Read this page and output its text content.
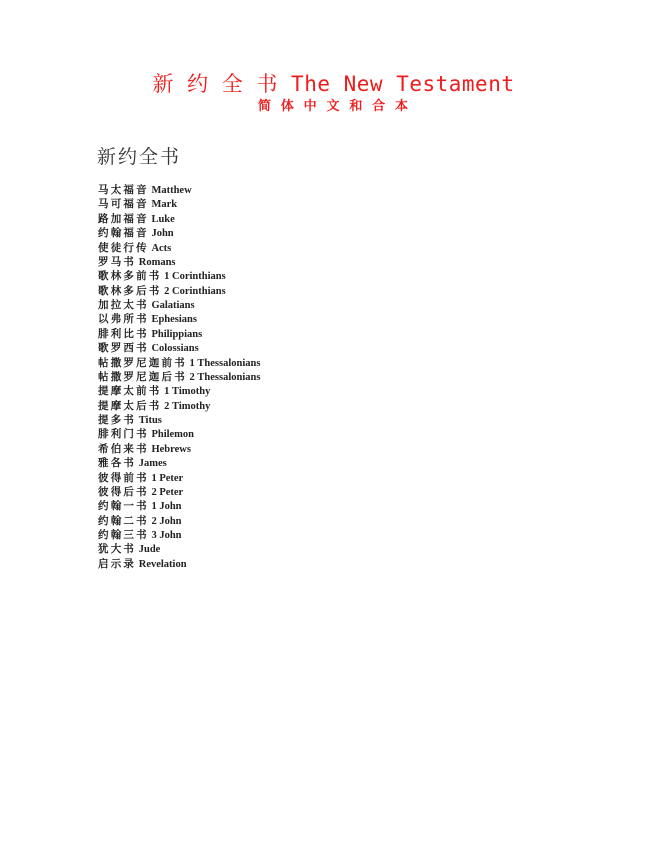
新 约 全 书 The New Testament
简 体 中 文 和 合 本
新约全书
马太福音 Matthew
马可福音 Mark
路加福音 Luke
约翰福音 John
使徒行传 Acts
罗马书 Romans
歌林多前书 1 Corinthians
歌林多后书 2 Corinthians
加拉太书 Galatians
以弗所书 Ephesians
腓利比书 Philippians
歌罗西书 Colossians
帖撒罗尼迦前书 1 Thessalonians
帖撒罗尼迦后书 2 Thessalonians
提摩太前书 1 Timothy
提摩太后书 2 Timothy
提多书 Titus
腓利门书 Philemon
希伯来书 Hebrews
雅各书 James
彼得前书 1 Peter
彼得后书 2 Peter
约翰一书 1 John
约翰二书 2 John
约翰三书 3 John
犹大书 Jude
启示录 Revelation
